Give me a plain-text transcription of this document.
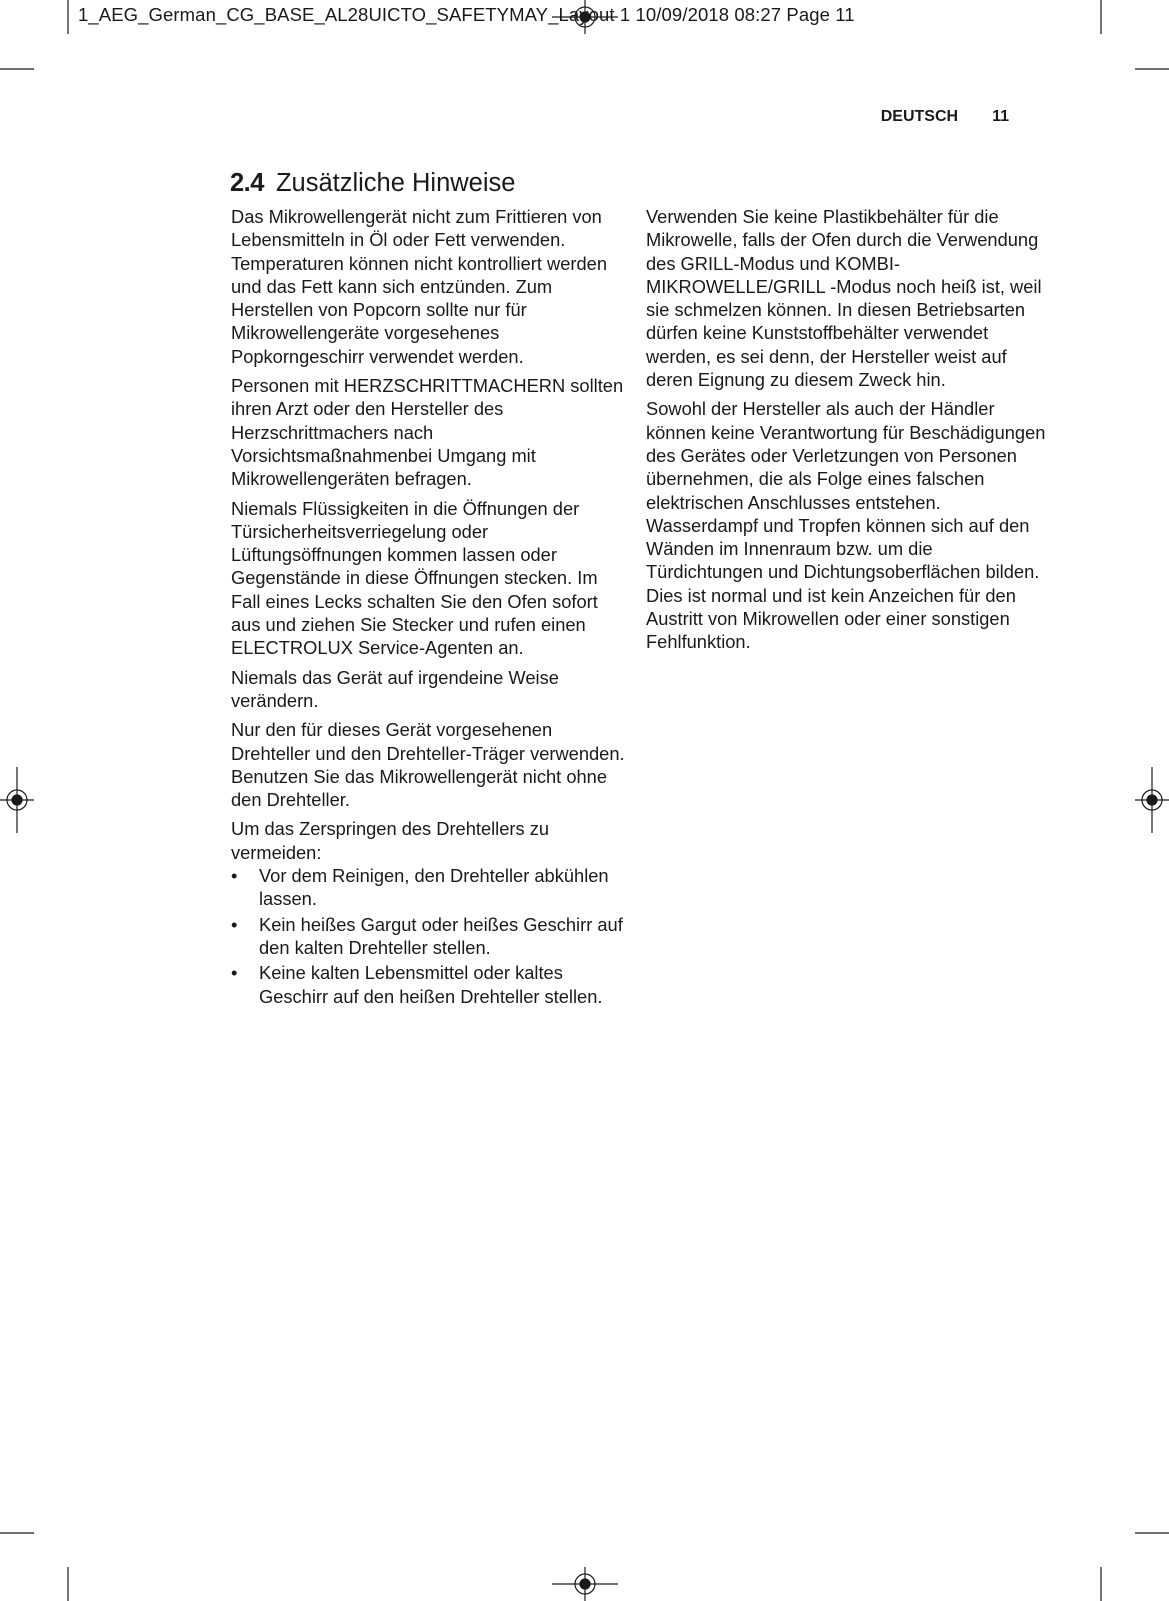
1_AEG_German_CG_BASE_AL28UICTO_SAFETYMAY_Layout 1 10/09/2018 08:27 Page 11
DEUTSCH 11
2.4 Zusätzliche Hinweise

Das Mikrowellengerät nicht zum Frittieren von Lebensmitteln in Öl oder Fett verwenden. Temperaturen können nicht kontrolliert werden und das Fett kann sich entzünden. Zum Herstellen von Popcorn sollte nur für Mikrowellengeräte vorgesehenes Popkorngeschirr verwendet werden.

Personen mit HERZSCHRITTMACHERN sollten ihren Arzt oder den Hersteller des Herzschrittmachers nach Vorsichtsmaßnahmenbei Umgang mit Mikrowellengeräten befragen.

Niemals Flüssigkeiten in die Öffnungen der Türsicherheitsverriegelung oder Lüftungsöffnungen kommen lassen oder Gegenstände in diese Öffnungen stecken. Im Fall eines Lecks schalten Sie den Ofen sofort aus und ziehen Sie Stecker und rufen einen ELECTROLUX Service-Agenten an.

Niemals das Gerät auf irgendeine Weise verändern.

Nur den für dieses Gerät vorgesehenen Drehteller und den Drehteller-Träger verwenden. Benutzen Sie das Mikrowellengerät nicht ohne den Drehteller.

Um das Zerspringen des Drehtellers zu vermeiden:

• Vor dem Reinigen, den Drehteller abkühlen lassen.
• Kein heißes Gargut oder heißes Geschirr auf den kalten Drehteller stellen.
• Keine kalten Lebensmittel oder kaltes Geschirr auf den heißen Drehteller stellen.

Verwenden Sie keine Plastikbehälter für die Mikrowelle, falls der Ofen durch die Verwendung des GRILL-Modus und KOMBI-MIKROWELLE/GRILL -Modus noch heiß ist, weil sie schmelzen können. In diesen Betriebsarten dürfen keine Kunststoffbehälter verwendet werden, es sei denn, der Hersteller weist auf deren Eignung zu diesem Zweck hin.

Sowohl der Hersteller als auch der Händler können keine Verantwortung für Beschädigungen des Gerätes oder Verletzungen von Personen übernehmen, die als Folge eines falschen elektrischen Anschlusses entstehen. Wasserdampf und Tropfen können sich auf den Wänden im Innenraum bzw. um die Türdichtungen und Dichtungsoberflächen bilden. Dies ist normal und ist kein Anzeichen für den Austritt von Mikrowellen oder einer sonstigen Fehlfunktion.
